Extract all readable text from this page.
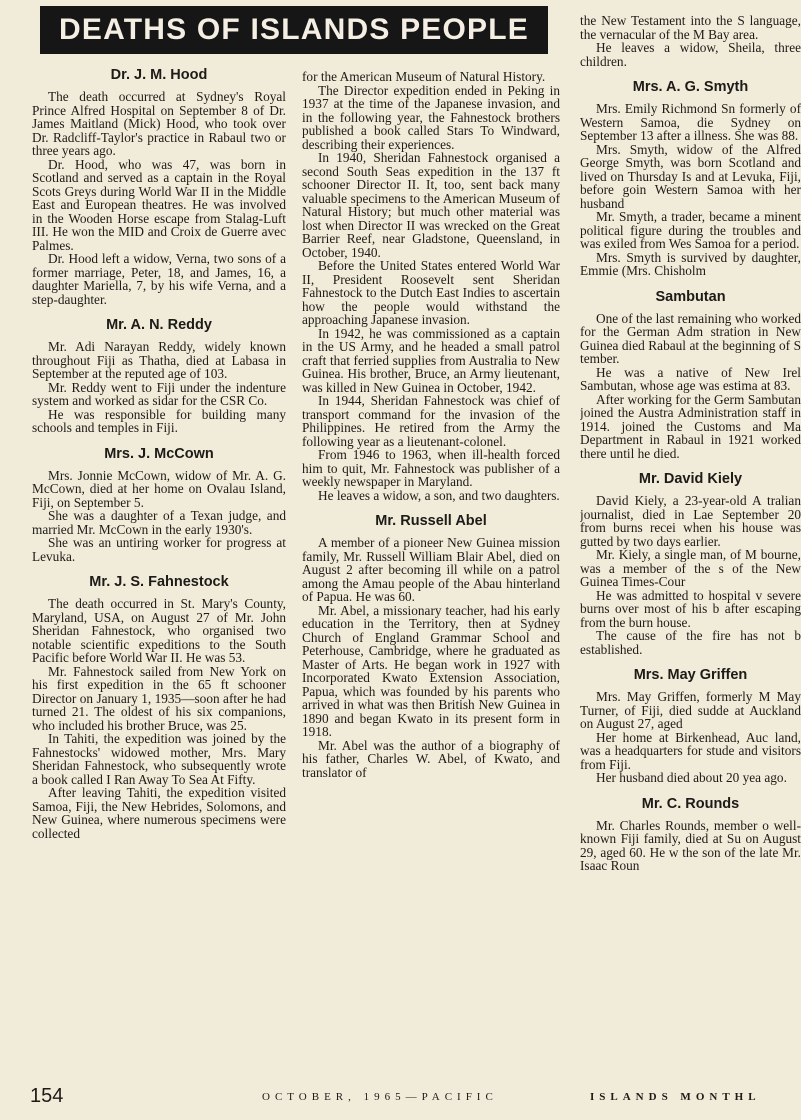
DEATHS OF ISLANDS PEOPLE
Dr. J. M. Hood

The death occurred at Sydney's Royal Prince Alfred Hospital on September 8 of Dr. James Maitland (Mick) Hood, who took over Dr. Radcliff-Taylor's practice in Rabaul two or three years ago.

Dr. Hood, who was 47, was born in Scotland and served as a captain in the Royal Scots Greys during World War II in the Middle East and European theatres. He was involved in the Wooden Horse escape from Stalag-Luft III. He won the MID and Croix de Guerre avec Palmes.

Dr. Hood left a widow, Verna, two sons of a former marriage, Peter, 18, and James, 16, a daughter Mariella, 7, by his wife Verna, and a step-daughter.

Mr. A. N. Reddy

Mr. Adi Narayan Reddy, widely known throughout Fiji as Thatha, died at Labasa in September at the reputed age of 103.

Mr. Reddy went to Fiji under the indenture system and worked as sidar for the CSR Co.

He was responsible for building many schools and temples in Fiji.

Mrs. J. McCown

Mrs. Jonnie McCown, widow of Mr. A. G. McCown, died at her home on Ovalau Island, Fiji, on September 5.

She was a daughter of a Texan judge, and married Mr. McCown in the early 1930's.

She was an untiring worker for progress at Levuka.

Mr. J. S. Fahnestock

The death occurred in St. Mary's County, Maryland, USA, on August 27 of Mr. John Sheridan Fahnestock, who organised two notable scientific expeditions to the South Pacific before World War II. He was 53.

Mr. Fahnestock sailed from New York on his first expedition in the 65 ft schooner Director on January 1, 1935—soon after he had turned 21. The oldest of his six companions, who included his brother Bruce, was 25.

In Tahiti, the expedition was joined by the Fahnestocks' widowed mother, Mrs. Mary Sheridan Fahnestock, who subsequently wrote a book called I Ran Away To Sea At Fifty.

After leaving Tahiti, the expedition visited Samoa, Fiji, the New Hebrides, Solomons, and New Guinea, where numerous specimens were collected

for the American Museum of Natural History.

The Director expedition ended in Peking in 1937 at the time of the Japanese invasion, and in the following year, the Fahnestock brothers published a book called Stars To Windward, describing their experiences.

In 1940, Sheridan Fahnestock organised a second South Seas expedition in the 137 ft schooner Director II. It, too, sent back many valuable specimens to the American Museum of Natural History; but much other material was lost when Director II was wrecked on the Great Barrier Reef, near Gladstone, Queensland, in October, 1940.

Before the United States entered World War II, President Roosevelt sent Sheridan Fahnestock to the Dutch East Indies to ascertain how the people would withstand the approaching Japanese invasion.

In 1942, he was commissioned as a captain in the US Army, and he headed a small patrol craft that ferried supplies from Australia to New Guinea. His brother, Bruce, an Army lieutenant, was killed in New Guinea in October, 1942.

In 1944, Sheridan Fahnestock was chief of transport command for the invasion of the Philippines. He retired from the Army the following year as a lieutenant-colonel.

From 1946 to 1963, when ill-health forced him to quit, Mr. Fahnestock was publisher of a weekly newspaper in Maryland.

He leaves a widow, a son, and two daughters.

Mr. Russell Abel

A member of a pioneer New Guinea mission family, Mr. Russell William Blair Abel, died on August 2 after becoming ill while on a patrol among the Amau people of the Abau hinterland of Papua. He was 60.

Mr. Abel, a missionary teacher, had his early education in the Territory, then at Sydney Church of England Grammar School and Peterhouse, Cambridge, where he graduated as Master of Arts. He began work in 1927 with Incorporated Kwato Extension Association, Papua, which was founded by his parents who arrived in what was then British New Guinea in 1890 and began Kwato in its present form in 1918.

Mr. Abel was the author of a biography of his father, Charles W. Abel, of Kwato, and translator of

the New Testament into the S language, the vernacular of the M Bay area.

He leaves a widow, Sheila, three children.

Mrs. A. G. Smyth

Mrs. Emily Richmond Sn formerly of Western Samoa, die Sydney on September 13 after a illness. She was 88.

Mrs. Smyth, widow of the Alfred George Smyth, was born Scotland and lived on Thursday Is and at Levuka, Fiji, before goin Western Samoa with her husband

Mr. Smyth, a trader, became a minent political figure during the troubles and was exiled from Wes Samoa for a period.

Mrs. Smyth is survived by daughter, Emmie (Mrs. Chisholm

Sambutan

One of the last remaining who worked for the German Adm stration in New Guinea died Rabaul at the beginning of S tember.

He was a native of New Irel Sambutan, whose age was estima at 83.

After working for the Germ Sambutan joined the Austra Administration staff in 1914. joined the Customs and Ma Department in Rabaul in 1921 worked there until he died.

Mr. David Kiely

David Kiely, a 23-year-old A tralian journalist, died in Lae September 20 from burns recei when his house was gutted by two days earlier.

Mr. Kiely, a single man, of M bourne, was a member of the s of the New Guinea Times-Cour

He was admitted to hospital v severe burns over most of his b after escaping from the burn house.

The cause of the fire has not b established.

Mrs. May Griffen

Mrs. May Griffen, formerly M May Turner, of Fiji, died sudde at Auckland on August 27, aged

Her home at Birkenhead, Auc land, was a headquarters for stude and visitors from Fiji.

Her husband died about 20 yea ago.

Mr. C. Rounds

Mr. Charles Rounds, member o well-known Fiji family, died at Su on August 29, aged 60. He w the son of the late Mr. Isaac Roun

154	OCTOBER, 1965—PACIFIC	ISLANDS MONTHL
